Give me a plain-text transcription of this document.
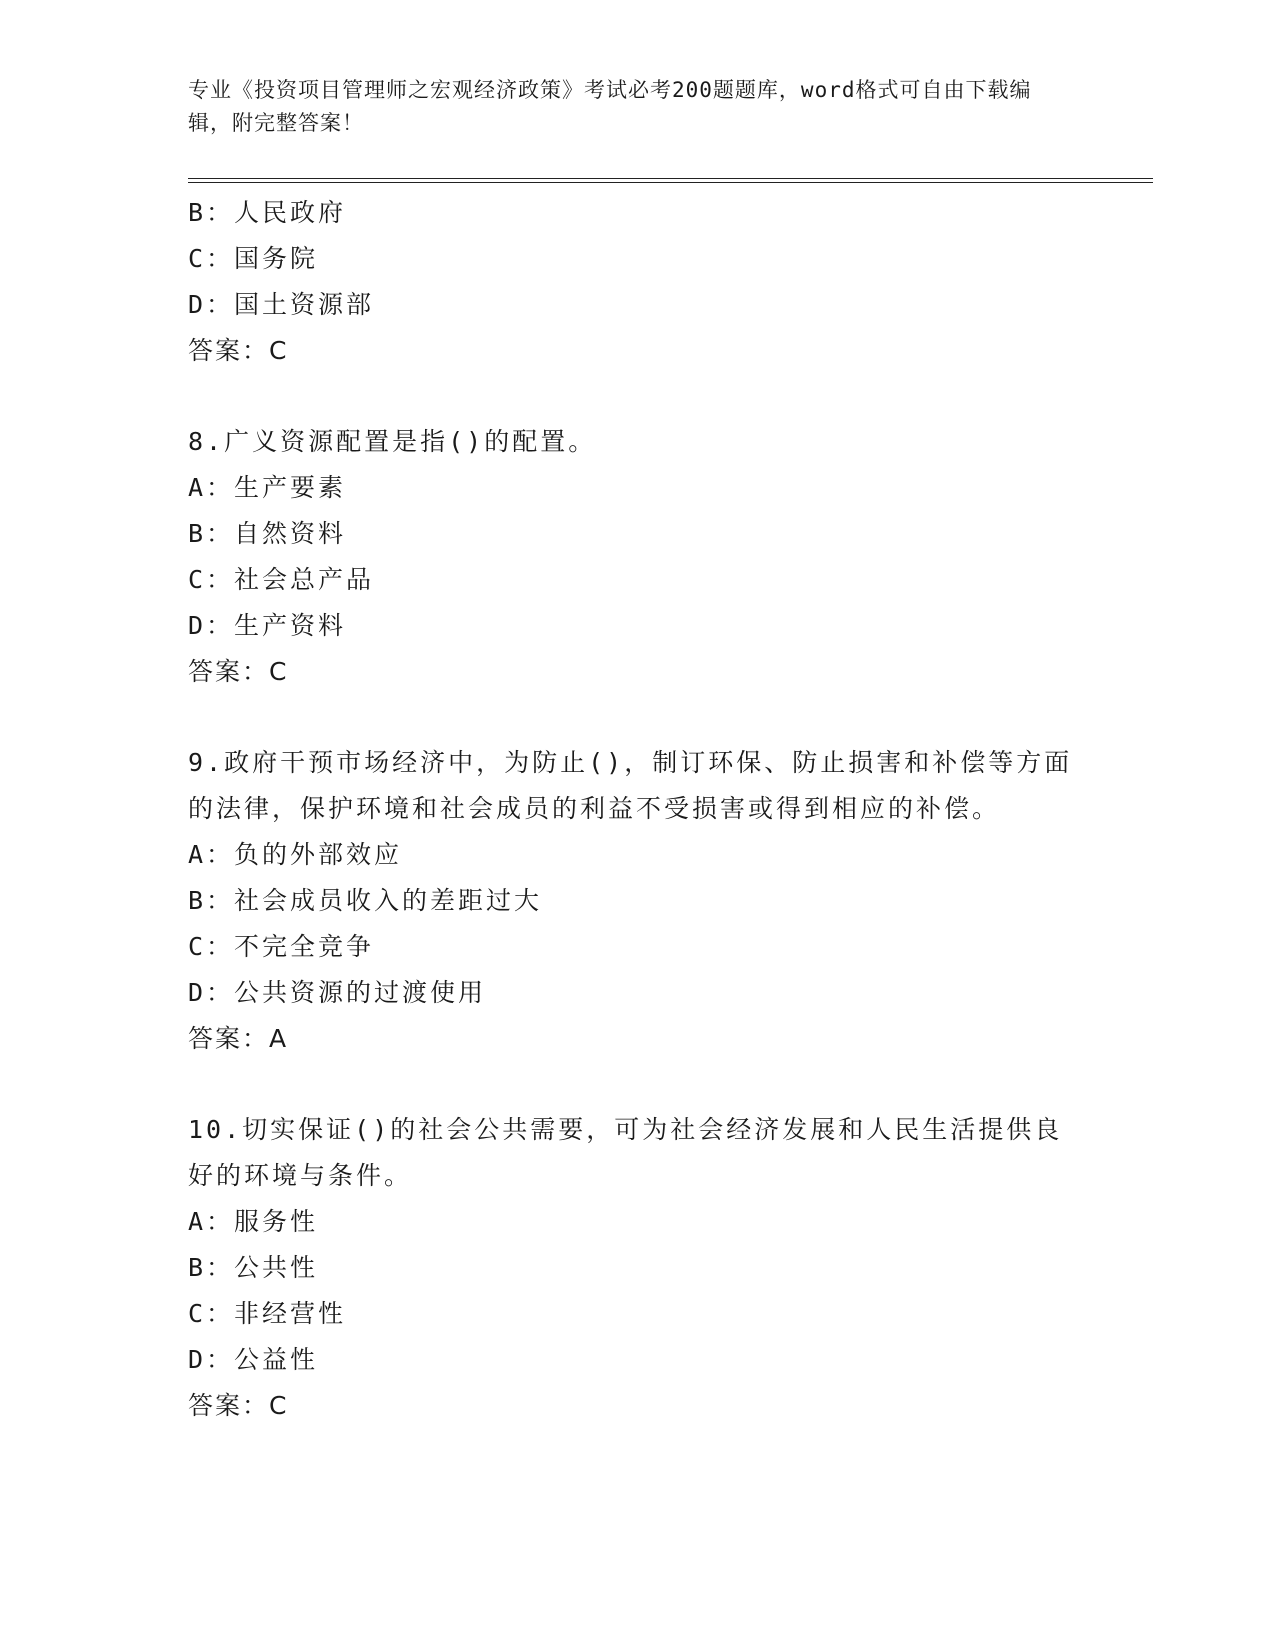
专业《投资项目管理师之宏观经济政策》考试必考200题题库，word格式可自由下载编辑，附完整答案！
B：人民政府
C：国务院
D：国土资源部
答案：C
8.广义资源配置是指()的配置。
A：生产要素
B：自然资料
C：社会总产品
D：生产资料
答案：C
9.政府干预市场经济中，为防止()，制订环保、防止损害和补偿等方面的法律，保护环境和社会成员的利益不受损害或得到相应的补偿。
A：负的外部效应
B：社会成员收入的差距过大
C：不完全竞争
D：公共资源的过渡使用
答案：A
10.切实保证()的社会公共需要，可为社会经济发展和人民生活提供良好的环境与条件。
A：服务性
B：公共性
C：非经营性
D：公益性
答案：C
